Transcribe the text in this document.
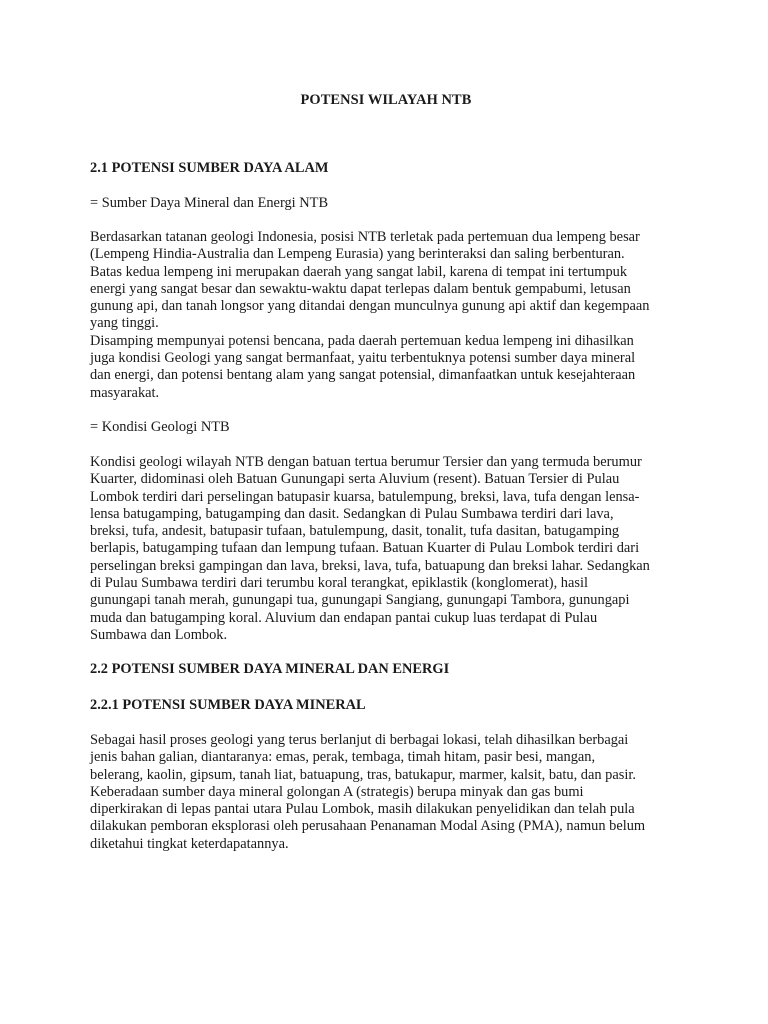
POTENSI WILAYAH NTB
2.1 POTENSI SUMBER DAYA ALAM
= Sumber Daya Mineral dan Energi NTB
Berdasarkan tatanan geologi Indonesia, posisi NTB terletak pada pertemuan dua lempeng besar
(Lempeng Hindia-Australia dan Lempeng Eurasia) yang berinteraksi dan saling berbenturan.
Batas kedua lempeng ini merupakan daerah yang sangat labil, karena di tempat ini tertumpuk
energi yang sangat besar dan sewaktu-waktu dapat terlepas dalam bentuk gempabumi, letusan
gunung api, dan tanah longsor yang ditandai dengan munculnya gunung api aktif dan kegempaan
yang tinggi.
Disamping mempunyai potensi bencana, pada daerah pertemuan kedua lempeng ini dihasilkan
juga kondisi Geologi yang sangat bermanfaat, yaitu terbentuknya potensi sumber daya mineral
dan energi, dan potensi bentang alam yang sangat potensial, dimanfaatkan untuk kesejahteraan
masyarakat.
= Kondisi Geologi NTB
Kondisi geologi wilayah NTB dengan batuan tertua berumur Tersier dan yang termuda berumur
Kuarter, didominasi oleh Batuan Gunungapi serta Aluvium (resent). Batuan Tersier di Pulau
Lombok terdiri dari perselingan batupasir kuarsa, batulempung, breksi, lava, tufa dengan lensa-
lensa batugamping, batugamping dan dasit. Sedangkan di Pulau Sumbawa terdiri dari lava,
breksi, tufa, andesit, batupasir tufaan, batulempung, dasit, tonalit, tufa dasitan, batugamping
berlapis, batugamping tufaan dan lempung tufaan. Batuan Kuarter di Pulau Lombok terdiri dari
perselingan breksi gampingan dan lava, breksi, lava, tufa, batuapung dan breksi lahar. Sedangkan
di Pulau Sumbawa terdiri dari terumbu koral terangkat, epiklastik (konglomerat), hasil
gunungapi tanah merah, gunungapi tua, gunungapi Sangiang, gunungapi Tambora, gunungapi
muda dan batugamping koral. Aluvium dan endapan pantai cukup luas terdapat di Pulau
Sumbawa dan Lombok.
2.2 POTENSI SUMBER DAYA MINERAL DAN ENERGI
2.2.1 POTENSI SUMBER DAYA MINERAL
Sebagai hasil proses geologi yang terus berlanjut di berbagai lokasi, telah dihasilkan berbagai
jenis bahan galian, diantaranya: emas, perak, tembaga, timah hitam, pasir besi, mangan,
belerang, kaolin, gipsum, tanah liat, batuapung, tras, batukapur, marmer, kalsit, batu, dan pasir.
Keberadaan sumber daya mineral golongan A (strategis) berupa minyak dan gas bumi
diperkirakan di lepas pantai utara Pulau Lombok, masih dilakukan penyelidikan dan telah pula
dilakukan pemboran eksplorasi oleh perusahaan Penanaman Modal Asing (PMA), namun belum
diketahui tingkat keterdapatannya.
